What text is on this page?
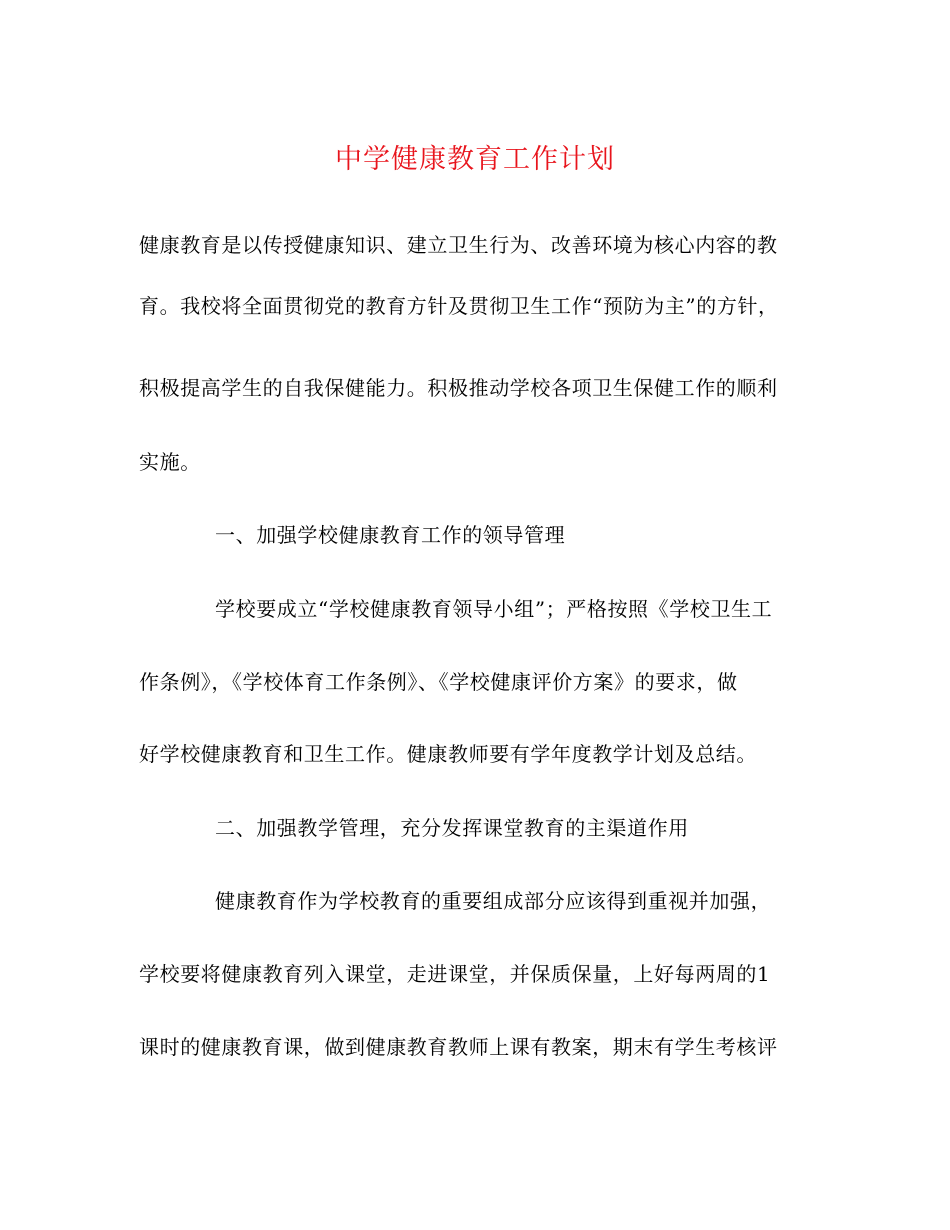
中学健康教育工作计划
健康教育是以传授健康知识、建立卫生行为、改善环境为核心内容的教
育。我校将全面贯彻党的教育方针及贯彻卫生工作“预防为主”的方针，
积极提高学生的自我保健能力。积极推动学校各项卫生保健工作的顺利
实施。
一、加强学校健康教育工作的领导管理
学校要成立“学校健康教育领导小组”；严格按照《学校卫生工
作条例》，《学校体育工作条例》、《学校健康评价方案》的要求，做
好学校健康教育和卫生工作。健康教师要有学年度教学计划及总结。
二、加强教学管理，充分发挥课堂教育的主渠道作用
健康教育作为学校教育的重要组成部分应该得到重视并加强，
学校要将健康教育列入课堂，走进课堂，并保质保量，上好每两周的1
课时的健康教育课，做到健康教育教师上课有教案，期末有学生考核评
